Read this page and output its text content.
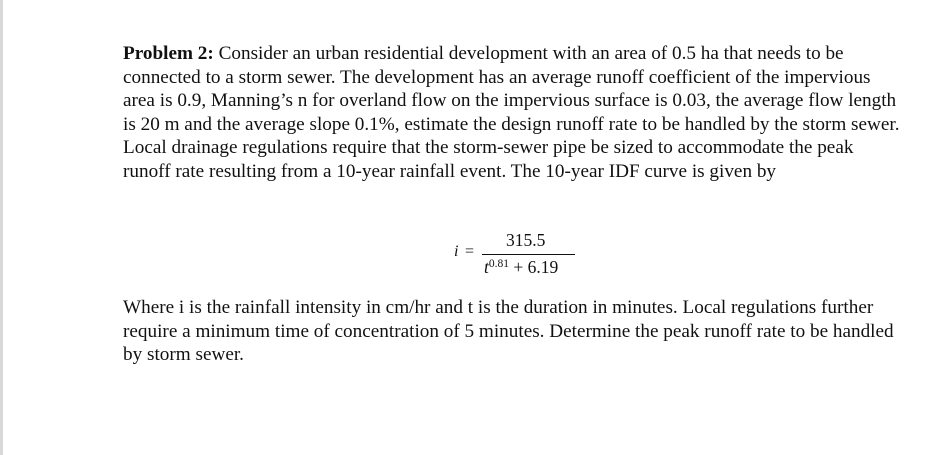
Problem 2: Consider an urban residential development with an area of 0.5 ha that needs to be connected to a storm sewer. The development has an average runoff coefficient of the impervious area is 0.9, Manning’s n for overland flow on the impervious surface is 0.03, the average flow length is 20 m and the average slope 0.1%, estimate the design runoff rate to be handled by the storm sewer. Local drainage regulations require that the storm-sewer pipe be sized to accommodate the peak runoff rate resulting from a 10-year rainfall event. The 10-year IDF curve is given by

i =
315.5
$t^{0.81} + 6.19$

Where i is the rainfall intensity in cm/hr and t is the duration in minutes. Local regulations further require a minimum time of concentration of 5 minutes. Determine the peak runoff rate to be handled by storm sewer.
